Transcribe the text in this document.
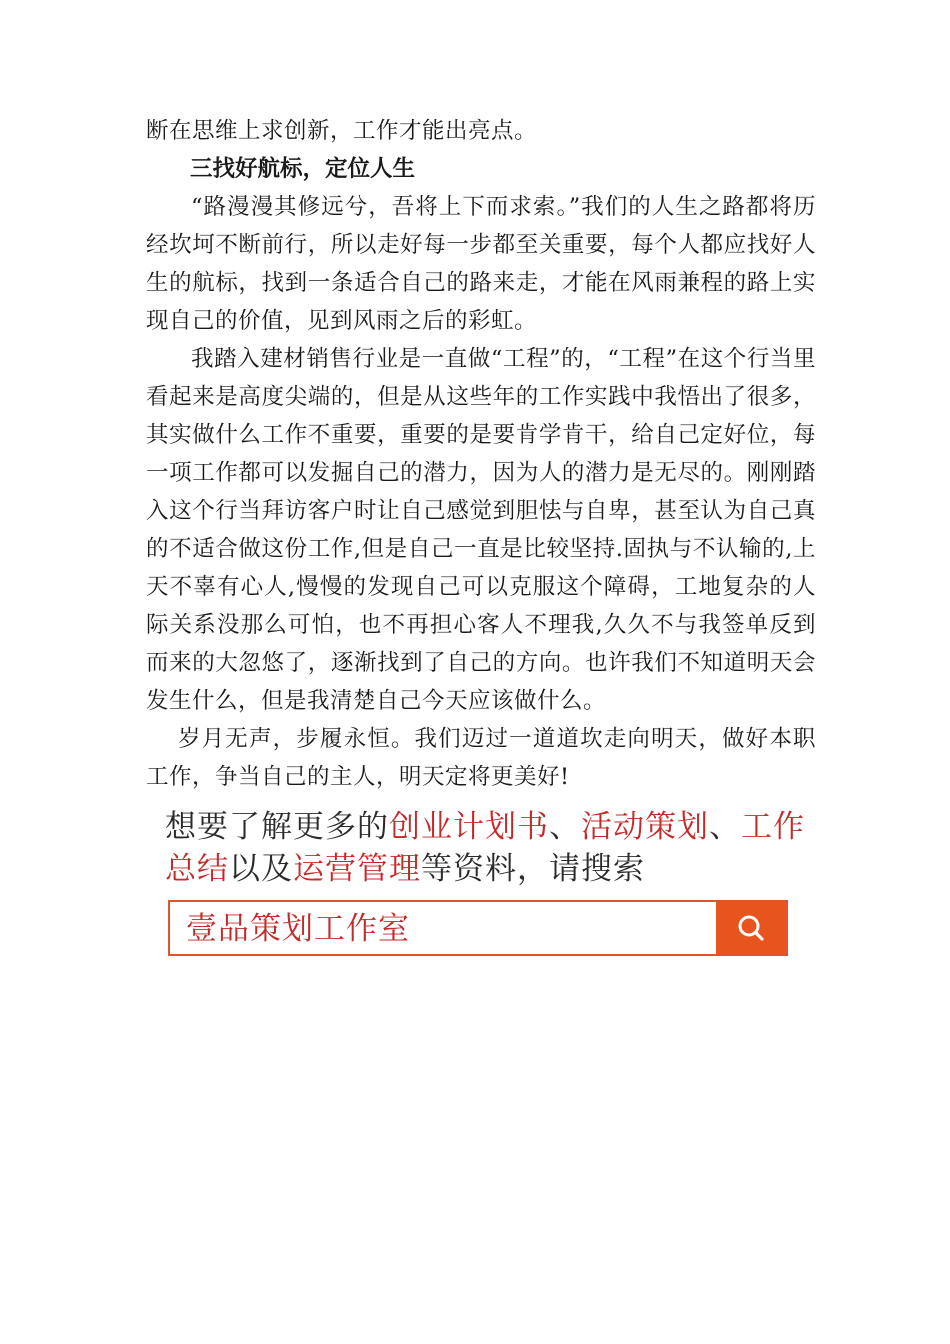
断在思维上求创新，工作才能出亮点。

三找好航标，定位人生

“路漫漫其修远兮，吾将上下而求索。”我们的人生之路都将历经坎坷不断前行，所以走好每一步都至关重要，每个人都应找好人生的航标，找到一条适合自己的路来走，才能在风雨兼程的路上实现自己的价值，见到风雨之后的彩虹。

我踏入建材销售行业是一直做“工程”的，“工程”在这个行当里看起来是高度尖端的，但是从这些年的工作实践中我悟出了很多，其实做什么工作不重要，重要的是要肯学肯干，给自己定好位，每一项工作都可以发掘自己的潜力，因为人的潜力是无尽的。刚刚踏入这个行当拜访客户时让自己感觉到胆怯与自卑，甚至认为自己真的不适合做这份工作,但是自己一直是比较坚持.固执与不认输的,上天不辜有心人,慢慢的发现自己可以克服这个障碍，工地复杂的人际关系没那么可怕，也不再担心客人不理我,久久不与我签单反到而来的大忽悠了，逐渐找到了自己的方向。也许我们不知道明天会发生什么，但是我清楚自己今天应该做什么。

岁月无声，步履永恒。我们迈过一道道坎走向明天，做好本职工作，争当自己的主人，明天定将更美好!

想要了解更多的创业计划书、活动策划、工作总结以及运营管理等资料，请搜索

壹品策划工作室
